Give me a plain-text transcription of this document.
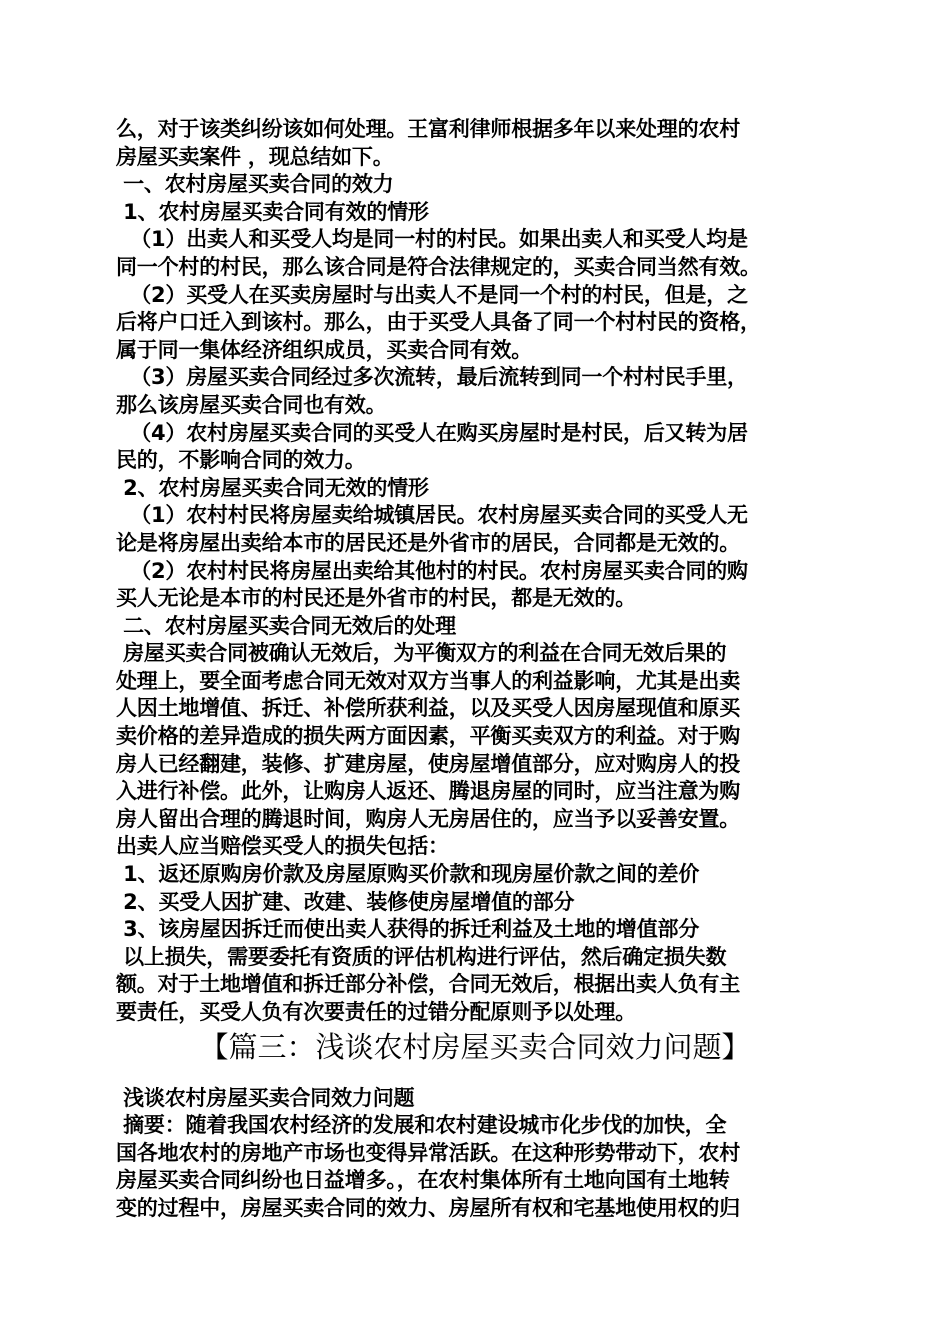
么，对于该类纠纷该如何处理。王富利律师根据多年以来处理的农村
房屋买卖案件 ，现总结如下。
一、农村房屋买卖合同的效力
1、农村房屋买卖合同有效的情形
（1）出卖人和买受人均是同一村的村民。如果出卖人和买受人均是
同一个村的村民，那么该合同是符合法律规定的，买卖合同当然有效。
（2）买受人在买卖房屋时与出卖人不是同一个村的村民，但是，之
后将户口迁入到该村。那么，由于买受人具备了同一个村村民的资格，
属于同一集体经济组织成员，买卖合同有效。
（3）房屋买卖合同经过多次流转，最后流转到同一个村村民手里，
那么该房屋买卖合同也有效。
（4）农村房屋买卖合同的买受人在购买房屋时是村民，后又转为居
民的，不影响合同的效力。
2、农村房屋买卖合同无效的情形
（1）农村村民将房屋卖给城镇居民。农村房屋买卖合同的买受人无
论是将房屋出卖给本市的居民还是外省市的居民，合同都是无效的。
（2）农村村民将房屋出卖给其他村的村民。农村房屋买卖合同的购
买人无论是本市的村民还是外省市的村民，都是无效的。
二、农村房屋买卖合同无效后的处理
房屋买卖合同被确认无效后，为平衡双方的利益在合同无效后果的
处理上，要全面考虑合同无效对双方当事人的利益影响，尤其是出卖
人因土地增值、拆迁、补偿所获利益，以及买受人因房屋现值和原买
卖价格的差异造成的损失两方面因素，平衡买卖双方的利益。对于购
房人已经翻建，装修、扩建房屋，使房屋增值部分，应对购房人的投
入进行补偿。此外，让购房人返还、腾退房屋的同时，应当注意为购
房人留出合理的腾退时间，购房人无房居住的，应当予以妥善安置。
出卖人应当赔偿买受人的损失包括：
1、返还原购房价款及房屋原购买价款和现房屋价款之间的差价
2、买受人因扩建、改建、装修使房屋增值的部分
3、该房屋因拆迁而使出卖人获得的拆迁利益及土地的增值部分
以上损失，需要委托有资质的评估机构进行评估，然后确定损失数
额。对于土地增值和拆迁部分补偿，合同无效后，根据出卖人负有主
要责任，买受人负有次要责任的过错分配原则予以处理。
【篇三：浅谈农村房屋买卖合同效力问题】
浅谈农村房屋买卖合同效力问题
摘要：随着我国农村经济的发展和农村建设城市化步伐的加快，全
国各地农村的房地产市场也变得异常活跃。在这种形势带动下，农村
房屋买卖合同纠纷也日益增多。，在农村集体所有土地向国有土地转
变的过程中，房屋买卖合同的效力、房屋所有权和宅基地使用权的归
